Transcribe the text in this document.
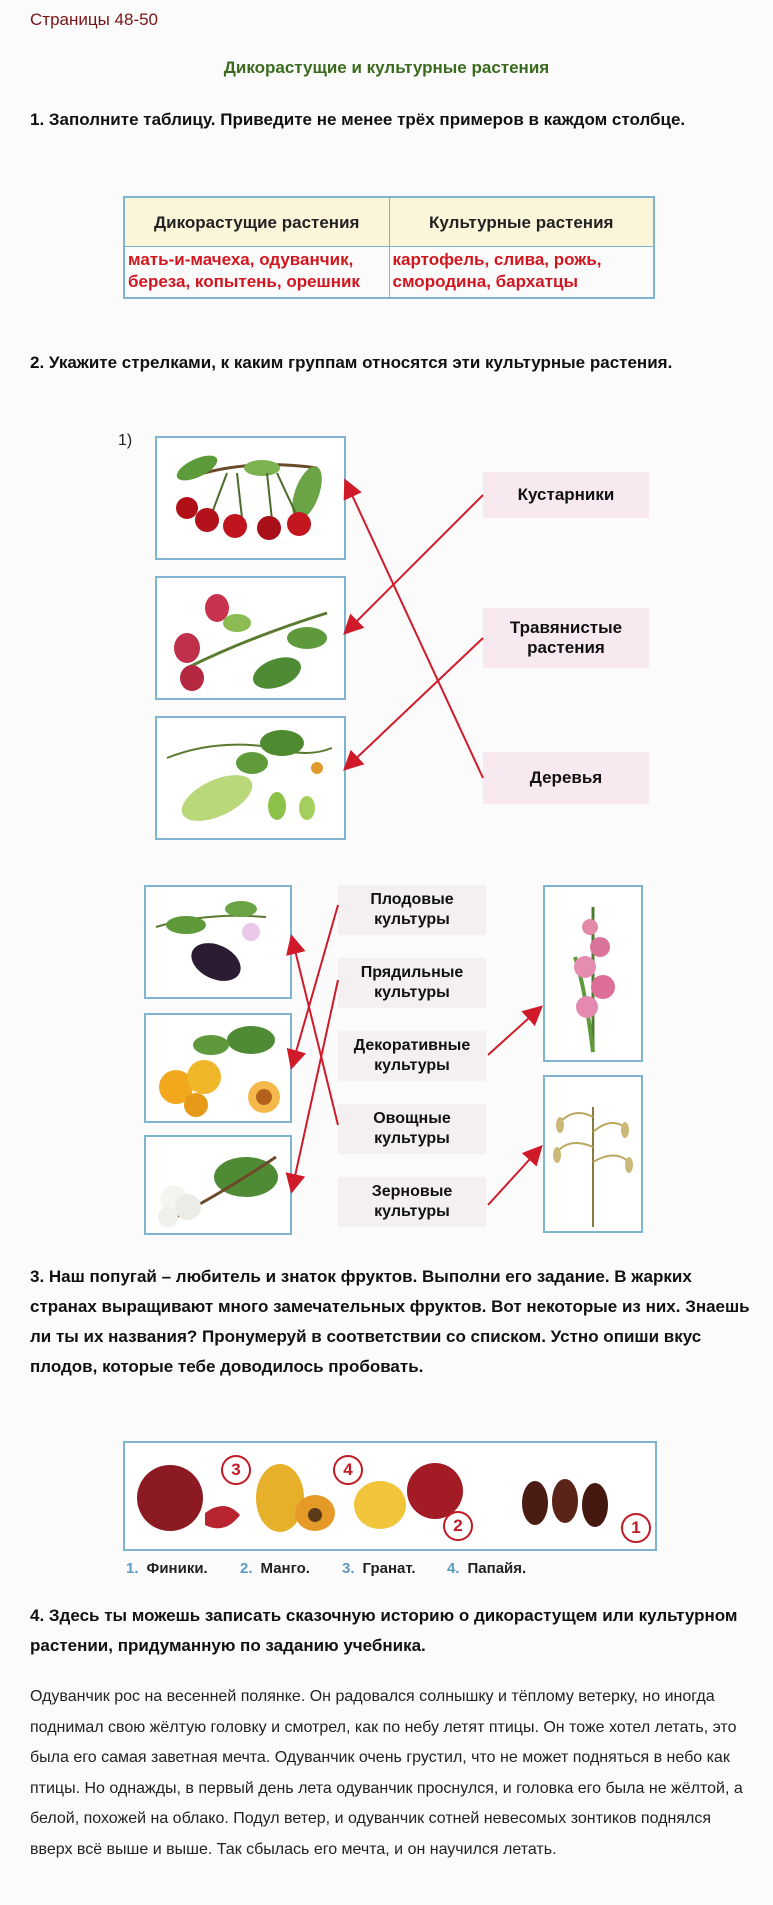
Страницы 48-50
Дикорастущие и культурные растения
1. Заполните таблицу. Приведите не менее трёх примеров в каждом столбце.
Дикорастущие растения	Культурные растения
мать-и-мачеха, одуванчик, береза, копытень, орешник	картофель, слива, рожь, смородина, бархатцы
2. Укажите стрелками, к каким группам относятся эти культурные растения.
1)
Кустарники
Травянистые растения
Деревья
Плодовые культуры
Прядильные культуры
Декоративные культуры
Овощные культуры
Зерновые культуры
3. Наш попугай – любитель и знаток фруктов. Выполни его задание. В жарких странах выращивают много замечательных фруктов. Вот некоторые из них. Знаешь ли ты их названия? Пронумеруй в соответствии со списком. Устно опиши вкус плодов, которые тебе доводилось пробовать.
3	4
2	1
1. Финики. 2. Манго. 3. Гранат. 4. Папайя.
4. Здесь ты можешь записать сказочную историю о дикорастущем или культурном растении, придуманную по заданию учебника.
Одуванчик рос на весенней полянке. Он радовался солнышку и тёплому ветерку, но иногда поднимал свою жёлтую головку и смотрел, как по небу летят птицы. Он тоже хотел летать, это была его самая заветная мечта. Одуванчик очень грустил, что не может подняться в небо как птицы. Но однажды, в первый день лета одуванчик проснулся, и головка его была не жёлтой, а белой, похожей на облако. Подул ветер, и одуванчик сотней невесомых зонтиков поднялся вверх всё выше и выше. Так сбылась его мечта, и он научился летать.
